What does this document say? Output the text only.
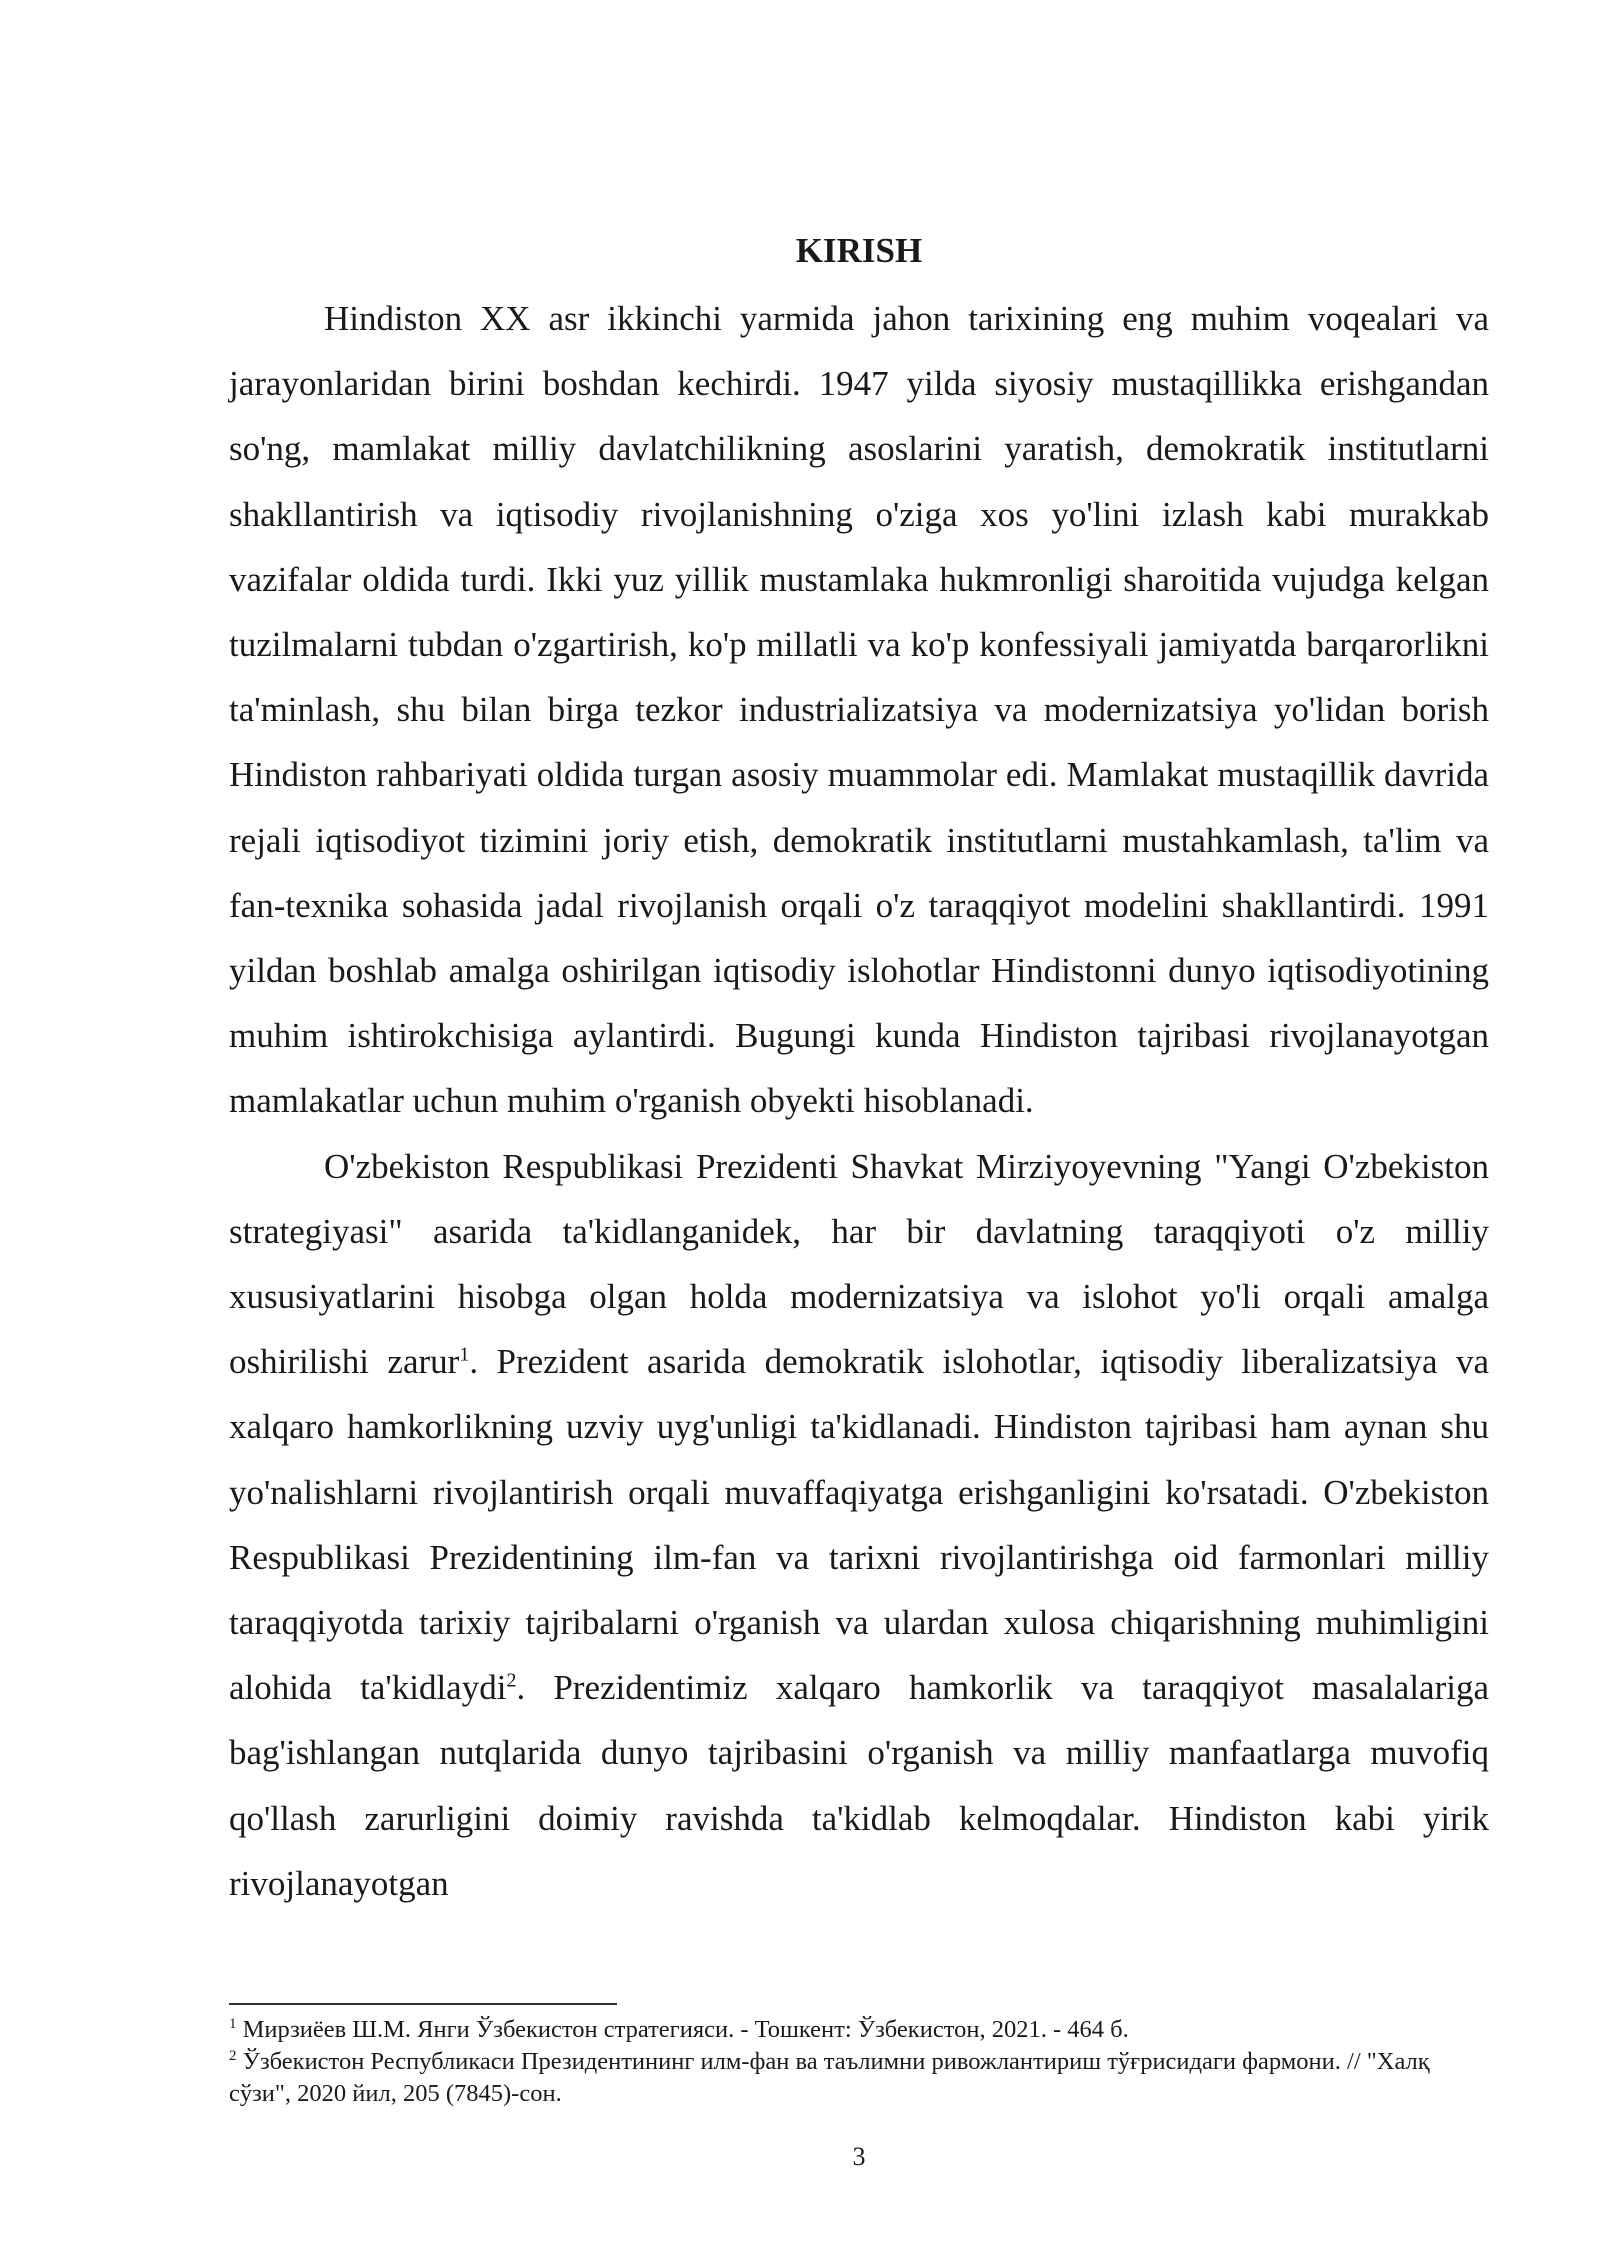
KIRISH

Hindiston XX asr ikkinchi yarmida jahon tarixining eng muhim voqealari va jarayonlaridan birini boshdan kechirdi. 1947 yilda siyosiy mustaqillikka erishgandan so'ng, mamlakat milliy davlatchilikning asoslarini yaratish, demokratik institutlarni shakllantirish va iqtisodiy rivojlanishning o'ziga xos yo'lini izlash kabi murakkab vazifalar oldida turdi. Ikki yuz yillik mustamlaka hukmronligi sharoitida vujudga kelgan tuzilmalarni tubdan o'zgartirish, ko'p millatli va ko'p konfessiyali jamiyatda barqarorlikni ta'minlash, shu bilan birga tezkor industrializatsiya va modernizatsiya yo'lidan borish Hindiston rahbariyati oldida turgan asosiy muammolar edi. Mamlakat mustaqillik davrida rejali iqtisodiyot tizimini joriy etish, demokratik institutlarni mustahkamlash, ta'lim va fan-texnika sohasida jadal rivojlanish orqali o'z taraqqiyot modelini shakllantirdi. 1991 yildan boshlab amalga oshirilgan iqtisodiy islohotlar Hindistonni dunyo iqtisodiyotining muhim ishtirokchisiga aylantirdi. Bugungi kunda Hindiston tajribasi rivojlanayotgan mamlakatlar uchun muhim o'rganish obyekti hisoblanadi.

O'zbekiston Respublikasi Prezidenti Shavkat Mirziyoyevning "Yangi O'zbekiston strategiyasi" asarida ta'kidlanganidek, har bir davlatning taraqqiyoti o'z milliy xususiyatlarini hisobga olgan holda modernizatsiya va islohot yo'li orqali amalga oshirilishi zarur$^1$. Prezident asarida demokratik islohotlar, iqtisodiy liberalizatsiya va xalqaro hamkorlikning uzviy uyg'unligi ta'kidlanadi. Hindiston tajribasi ham aynan shu yo'nalishlarni rivojlantirish orqali muvaffaqiyatga erishganligini ko'rsatadi. O'zbekiston Respublikasi Prezidentining ilm-fan va tarixni rivojlantirishga oid farmonlari milliy taraqqiyotda tarixiy tajribalarni o'rganish va ulardan xulosa chiqarishning muhimligini alohida ta'kidlaydi$^2$. Prezidentimiz xalqaro hamkorlik va taraqqiyot masalalariga bag'ishlangan nutqlarida dunyo tajribasini o'rganish va milliy manfaatlarga muvofiq qo'llash zarurligini doimiy ravishda ta'kidlab kelmoqdalar. Hindiston kabi yirik rivojlanayotgan

$^1$ Мирзиёев Ш.М. Янги Ўзбекистон стратегияси. - Тошкент: Ўзбекистон, 2021. - 464 б.

$^2$ Ўзбекистон Республикаси Президентининг илм-фан ва таълимни ривожлантириш тўғрисидаги фармони. // "Халқ сўзи", 2020 йил, 205 (7845)-сон.

3
